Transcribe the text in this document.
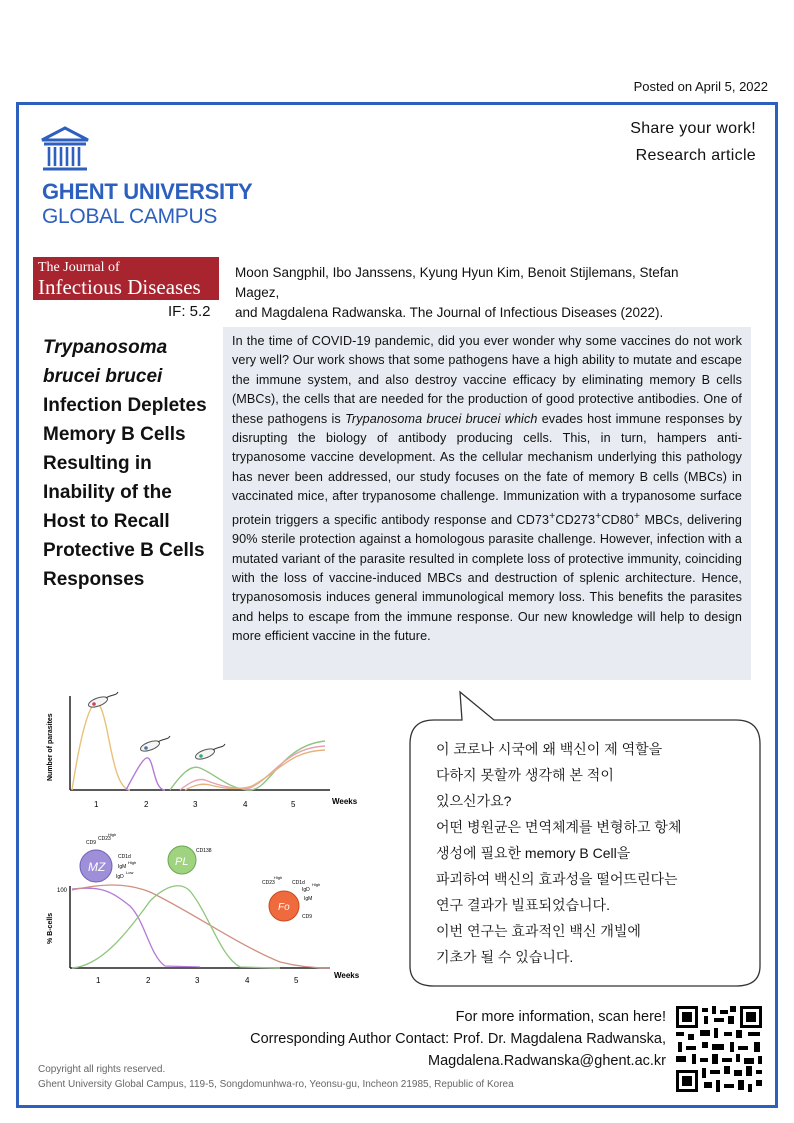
Posted on April 5, 2022
Share your work!
Research article
GHENT UNIVERSITY
GLOBAL CAMPUS
The Journal of
Infectious Diseases
IF: 5.2
Moon Sangphil, Ibo Janssens, Kyung Hyun Kim, Benoit Stijlemans, Stefan Magez,
and Magdalena Radwanska. The Journal of Infectious Diseases (2022).
Trypanosoma
brucei brucei
Infection Depletes
Memory B Cells
Resulting in
Inability of the
Host to Recall
Protective B Cells
Responses
In the time of COVID-19 pandemic, did you ever wonder why some vaccines do not work very well? Our work shows that some pathogens have a high ability to mutate and escape the immune system, and also destroy vaccine efficacy by eliminating memory B cells (MBCs), the cells that are needed for the production of good protective antibodies. One of these pathogens is Trypanosoma brucei brucei which evades host immune responses by disrupting the biology of antibody producing cells. This, in turn, hampers anti-trypanosome vaccine development. As the cellular mechanism underlying this pathology has never been addressed, our study focuses on the fate of memory B cells (MBCs) in vaccinated mice, after trypanosome challenge. Immunization with a trypanosome surface protein triggers a specific antibody response and CD73+CD273+CD80+ MBCs, delivering 90% sterile protection against a homologous parasite challenge. However, infection with a mutated variant of the parasite resulted in complete loss of protective immunity, coinciding with the loss of vaccine-induced MBCs and destruction of splenic architecture. Hence, trypanosomosis induces general immunological memory loss. This benefits the parasites and helps to escape from the immune response. Our new knowledge will help to design more efficient vaccine in the future.
Number of parasites
Weeks
1	2	3	4	5
% B-cells
100
Weeks
1	2	3	4	5
MZ
CD9
CD23
High
CD1d
IgM
High
IgD
Low
PL
CD138
Fo
CD23
High
CD1d
IgD
High
IgM
CD9
이 코로나 시국에 왜 백신이 제 역할을
다하지 못할까 생각해 본 적이
있으신가요?
어떤 병원균은 면역체계를 변형하고 항체
생성에 필요한 memory B Cell을
파괴하여 백신의 효과성을 떨어뜨린다는
연구 결과가 빌표되었습니다.
이번 연구는 효과적인 백신 개빌에
기초가 될 수 있습니다.
For more information, scan here!
Corresponding Author Contact: Prof. Dr. Magdalena Radwanska,
Magdalena.Radwanska@ghent.ac.kr
Copyright all rights reserved.
Ghent University Global Campus, 119-5, Songdomunhwa-ro, Yeonsu-gu, Incheon 21985, Republic of Korea
